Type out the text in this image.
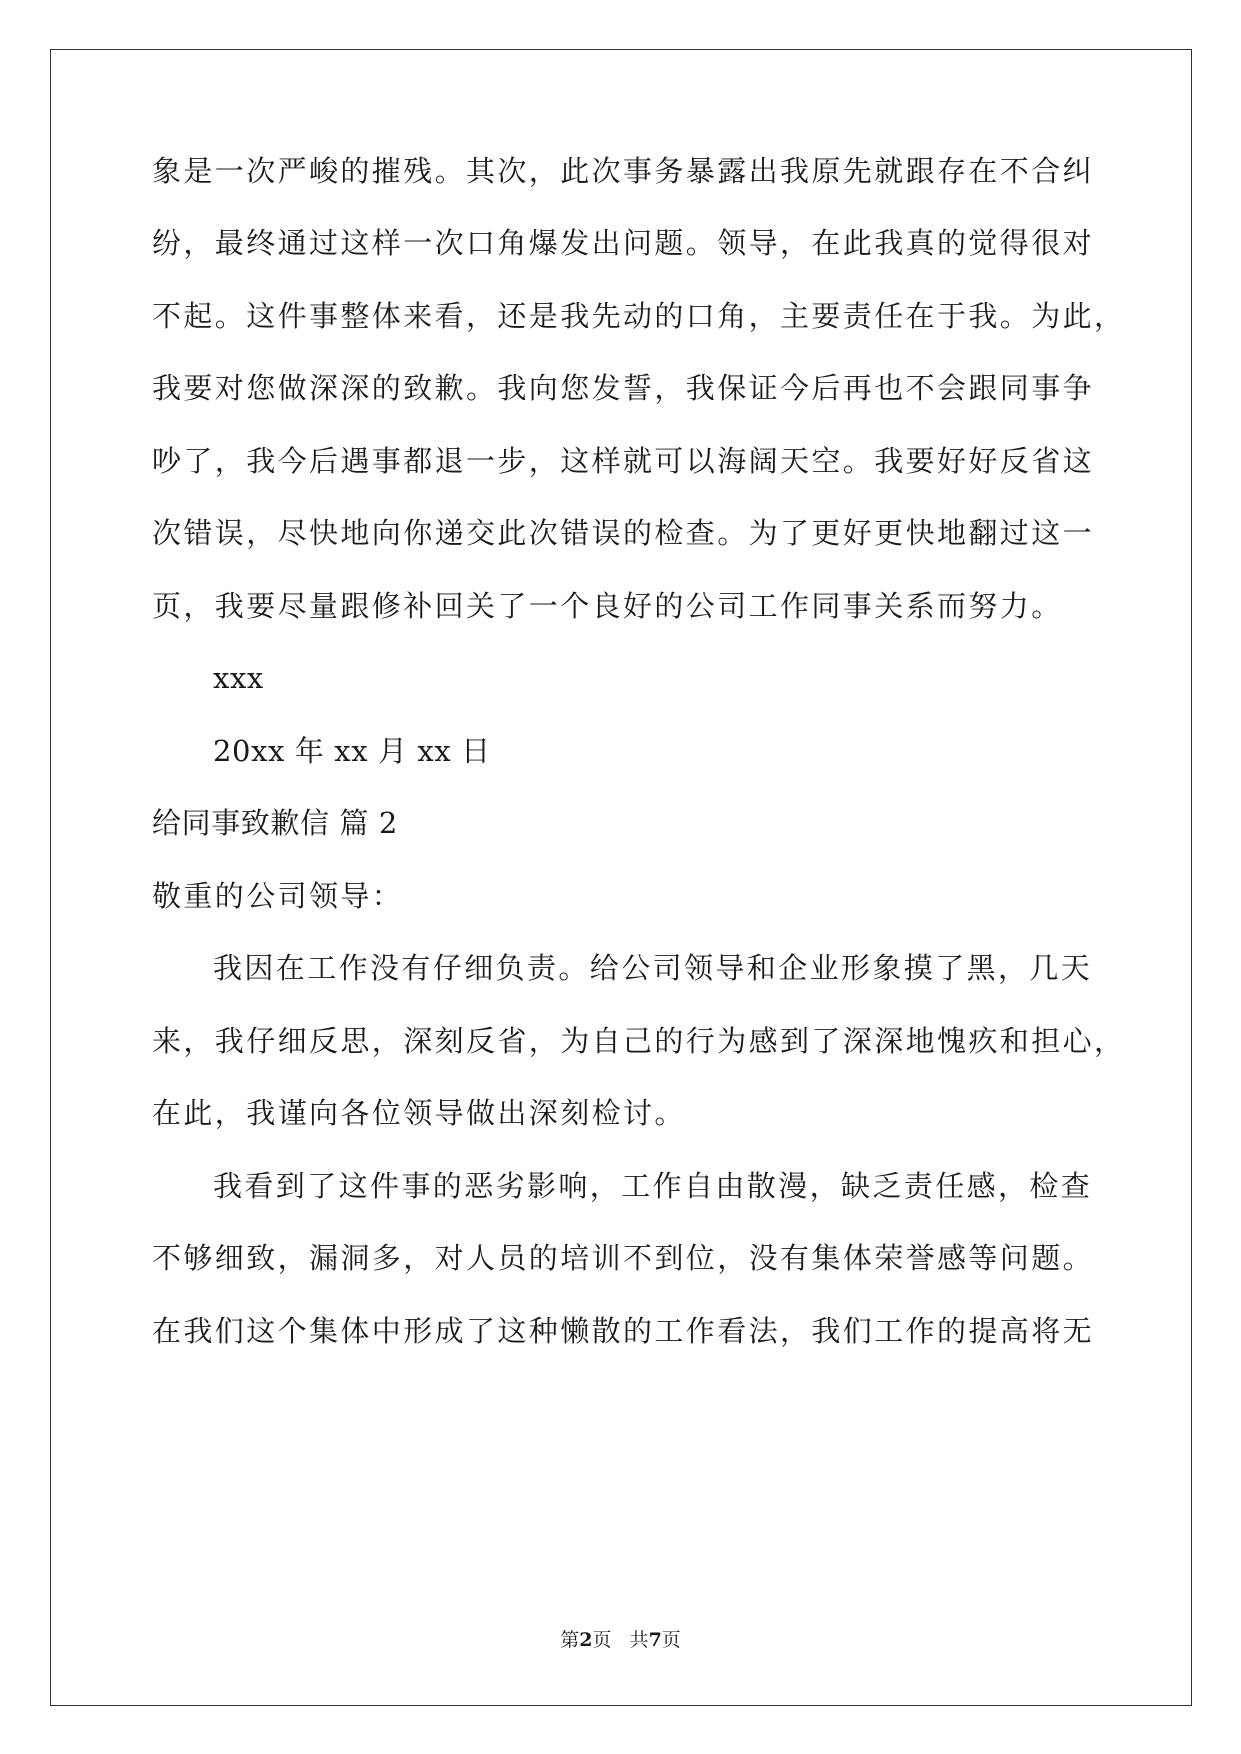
象是一次严峻的摧残。其次，此次事务暴露出我原先就跟存在不合纠
纷，最终通过这样一次口角爆发出问题。领导，在此我真的觉得很对
不起。这件事整体来看，还是我先动的口角，主要责任在于我。为此，
我要对您做深深的致歉。我向您发誓，我保证今后再也不会跟同事争
吵了，我今后遇事都退一步，这样就可以海阔天空。我要好好反省这
次错误，尽快地向你递交此次错误的检查。为了更好更快地翻过这一
页，我要尽量跟修补回关了一个良好的公司工作同事关系而努力。
xxx
20xx 年 xx 月 xx 日
给同事致歉信 篇 2
敬重的公司领导：
我因在工作没有仔细负责。给公司领导和企业形象摸了黑，几天
来，我仔细反思，深刻反省，为自己的行为感到了深深地愧疚和担心，
在此，我谨向各位领导做出深刻检讨。
我看到了这件事的恶劣影响，工作自由散漫，缺乏责任感，检查
不够细致，漏洞多，对人员的培训不到位，没有集体荣誉感等问题。
在我们这个集体中形成了这种懒散的工作看法，我们工作的提高将无
第2页   共7页
